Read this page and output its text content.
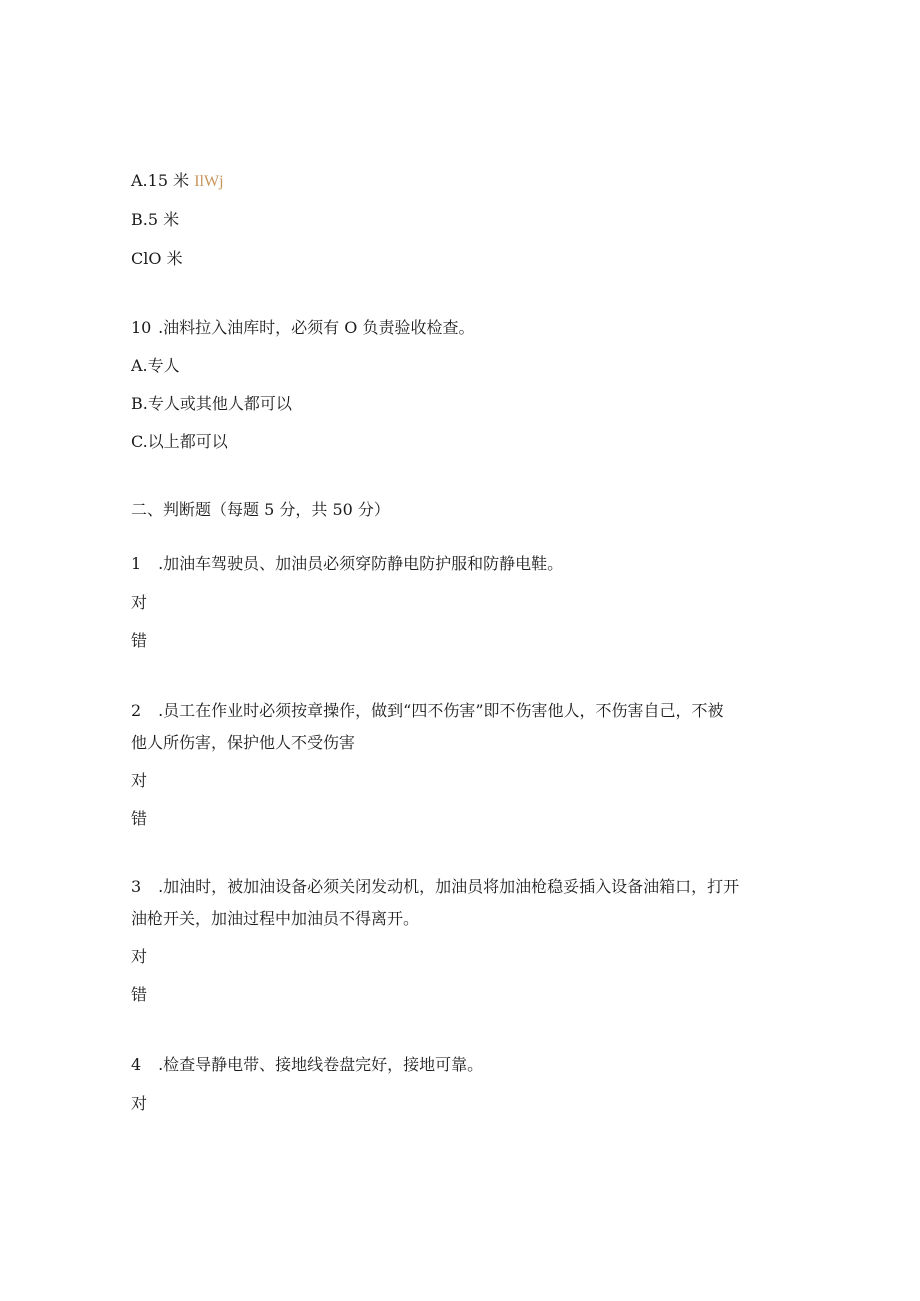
A.15 米 IlWj
B.5 米
ClO 米
10 .油料拉入油库时，必须有 O 负责验收检查。
A.专人
B.专人或其他人都可以
C.以上都可以
二、判断题（每题 5 分，共 50 分）
1 .加油车驾驶员、加油员必须穿防静电防护服和防静电鞋。
对
错
2 .员工在作业时必须按章操作，做到“四不伤害”即不伤害他人，不伤害自己，不被
他人所伤害，保护他人不受伤害
对
错
3 .加油时，被加油设备必须关闭发动机，加油员将加油枪稳妥插入设备油箱口，打开
油枪开关，加油过程中加油员不得离开。
对
错
4 .检查导静电带、接地线卷盘完好，接地可靠。
对
